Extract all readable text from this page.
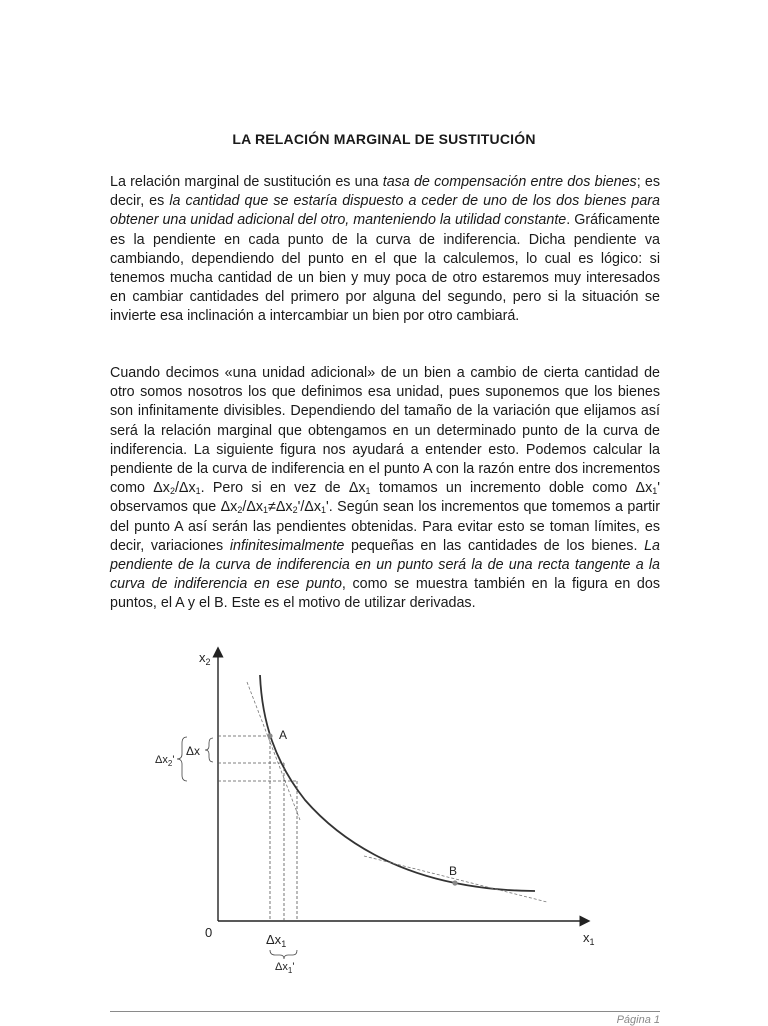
LA RELACIÓN MARGINAL DE SUSTITUCIÓN

La relación marginal de sustitución es una tasa de compensación entre dos bienes; es decir, es la cantidad que se estaría dispuesto a ceder de uno de los dos bienes para obtener una unidad adicional del otro, manteniendo la utilidad constante. Gráficamente es la pendiente en cada punto de la curva de indiferencia. Dicha pendiente va cambiando, dependiendo del punto en el que la calculemos, lo cual es lógico: si tenemos mucha cantidad de un bien y muy poca de otro estaremos muy interesados en cambiar cantidades del primero por alguna del segundo, pero si la situación se invierte esa inclinación a intercambiar un bien por otro cambiará.

Cuando decimos «una unidad adicional» de un bien a cambio de cierta cantidad de otro somos nosotros los que definimos esa unidad, pues suponemos que los bienes son infinitamente divisibles. Dependiendo del tamaño de la variación que elijamos así será la relación marginal que obtengamos en un determinado punto de la curva de indiferencia. La siguiente figura nos ayudará a entender esto. Podemos calcular la pendiente de la curva de indiferencia en el punto A con la razón entre dos incrementos como $\Delta x_2/\Delta x_1$. Pero si en vez de $\Delta x_1$ tomamos un incremento doble como $\Delta x_1'$ observamos que $\Delta x_2/\Delta x_1\ne\Delta x_2'/\Delta x_1'$. Según sean los incrementos que tomemos a partir del punto A así serán las pendientes obtenidas. Para evitar esto se toman límites, es decir, variaciones infinitesimalmente pequeñas en las cantidades de los bienes. La pendiente de la curva de indiferencia en un punto será la de una recta tangente a la curva de indiferencia en ese punto, como se muestra también en la figura en dos puntos, el A y el B. Este es el motivo de utilizar derivadas.

$x_2$
$x_1$
0
A
B
Δx
$\Delta x_2'$
$\Delta x_1$
$\Delta x_1'$
Página 1
